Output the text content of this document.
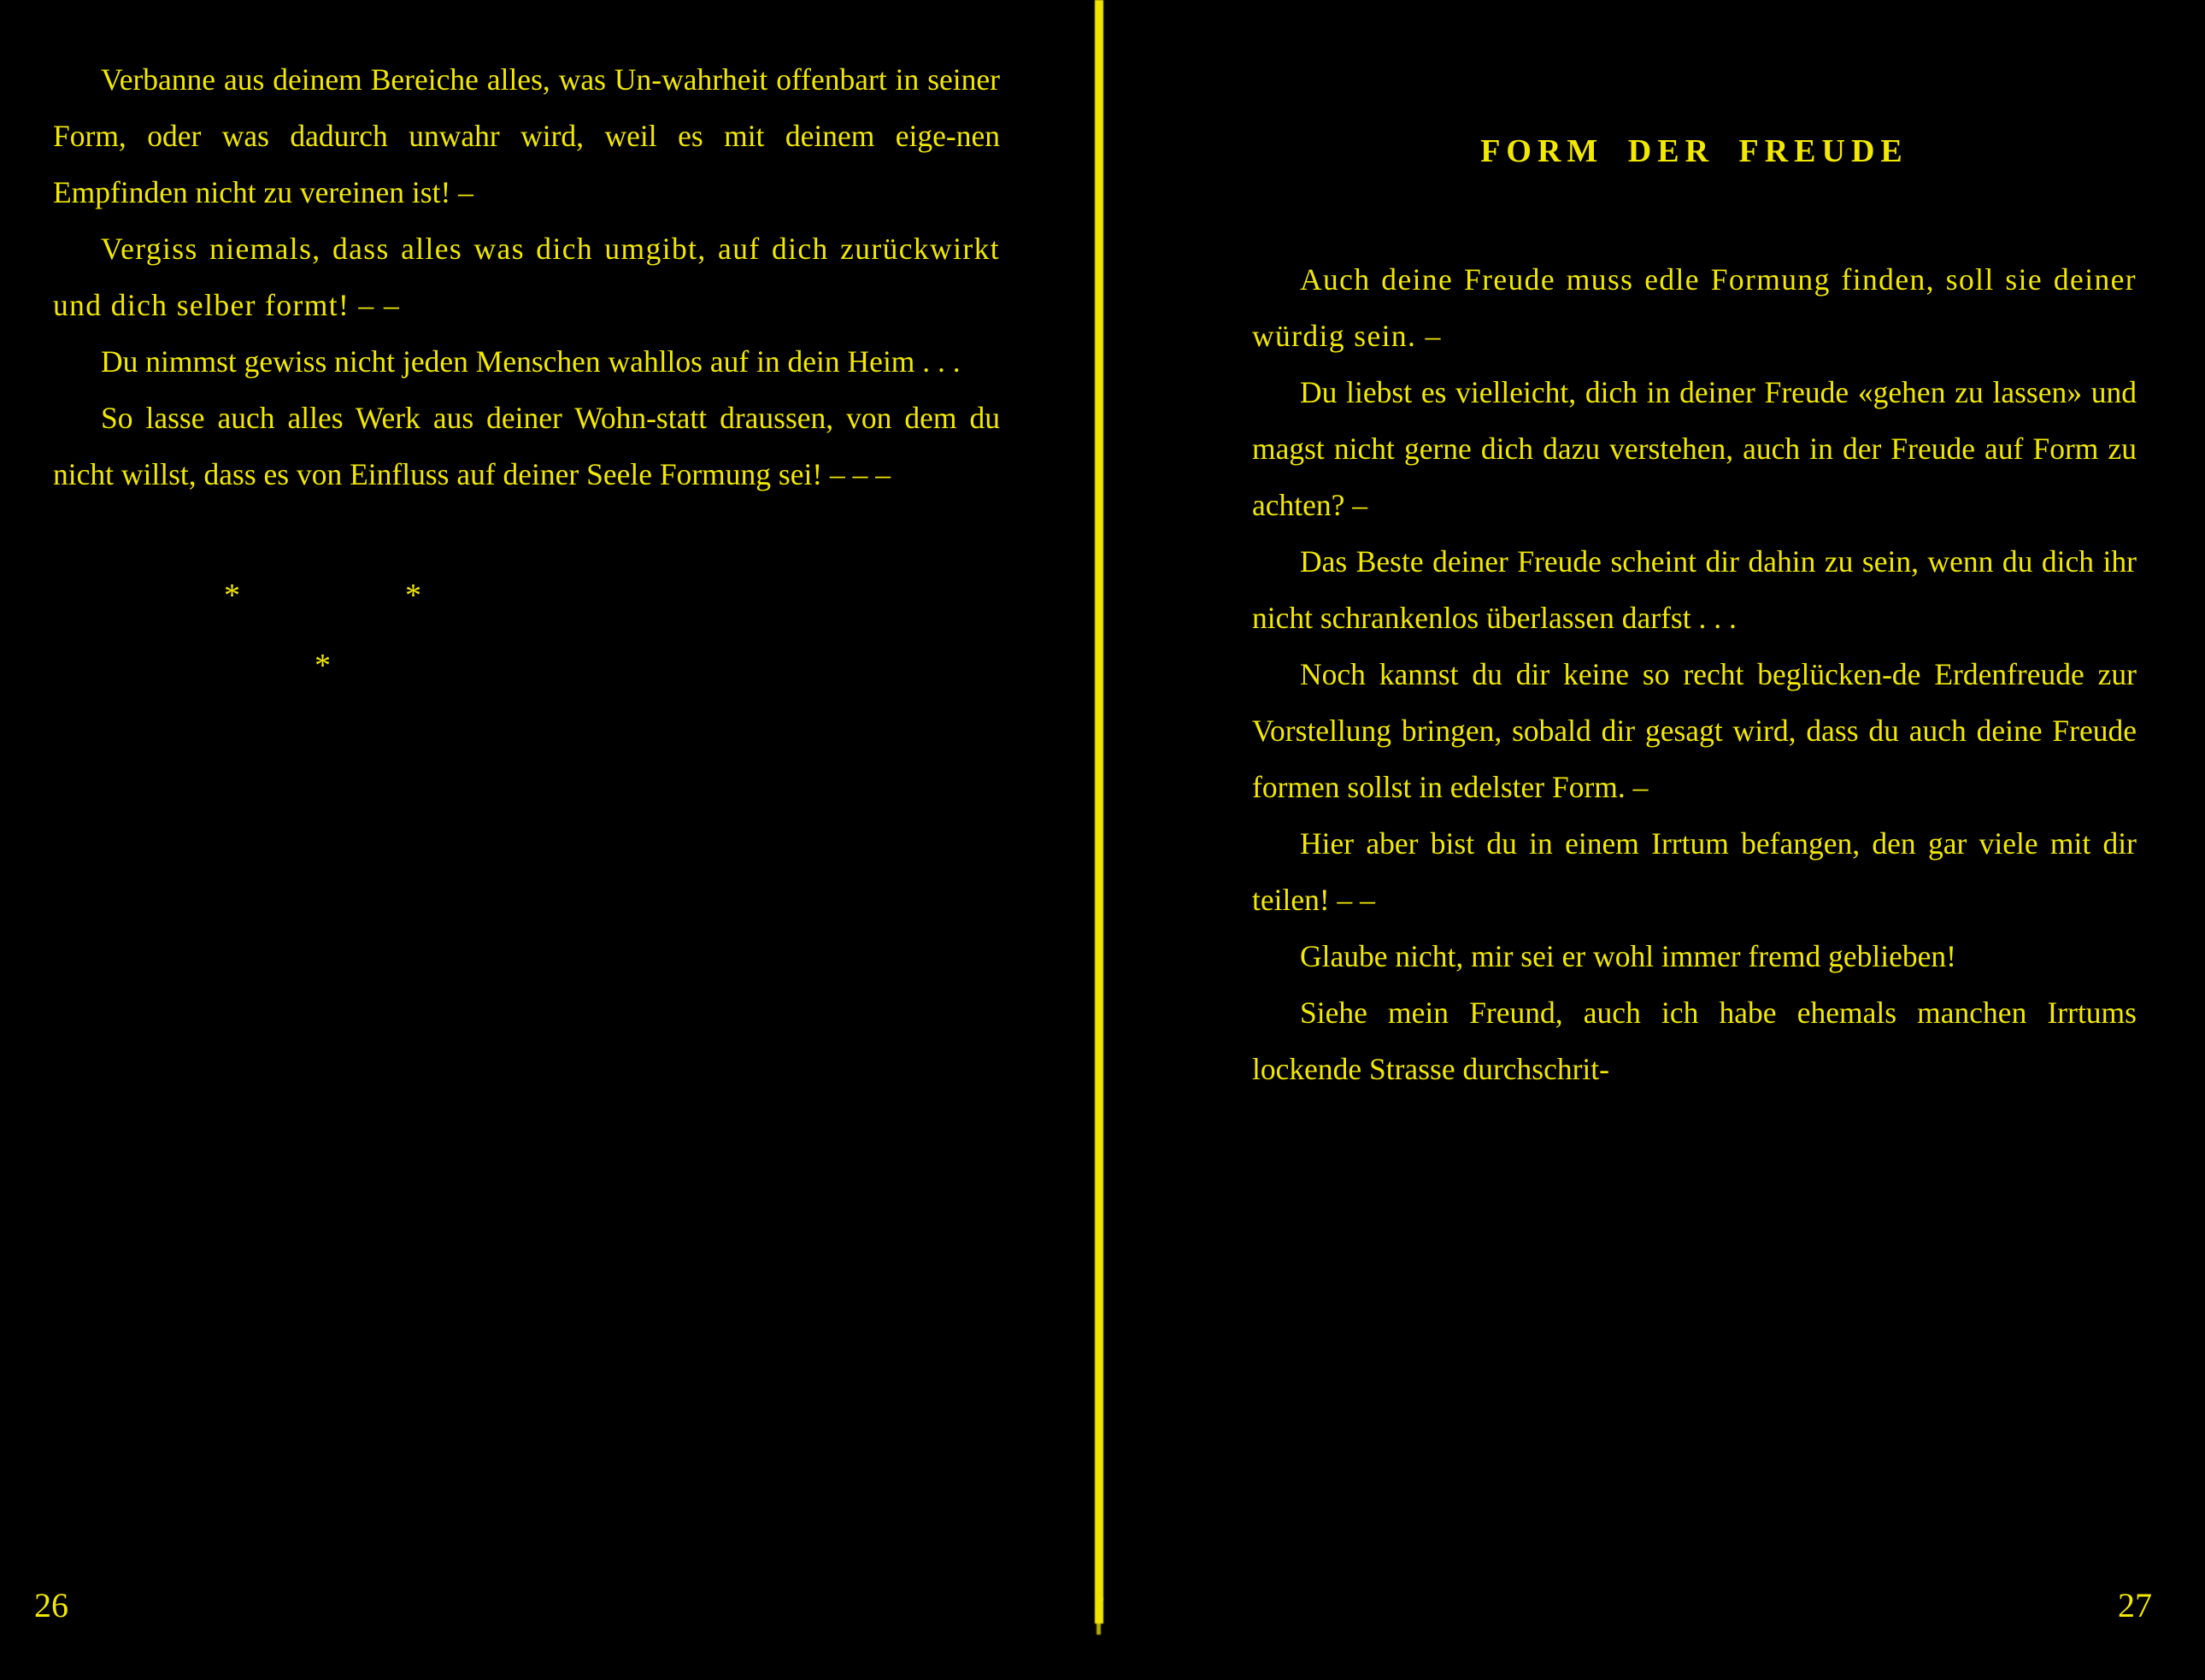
Verbanne aus deinem Bereiche alles, was Un-wahrheit offenbart in seiner Form, oder was dadurch unwahr wird, weil es mit deinem eige-nen Empfinden nicht zu vereinen ist! –

Vergiss niemals, dass alles was dich umgibt, auf dich zurückwirkt und dich selber formt! – –

Du nimmst gewiss nicht jeden Menschen wahllos auf in dein Heim . . .

So lasse auch alles Werk aus deiner Wohn-statt draussen, von dem du nicht willst, dass es von Einfluss auf deiner Seele Formung sei! – – –

*	*
*
26
FORM DER FREUDE

Auch deine Freude muss edle Formung finden, soll sie deiner würdig sein. –

Du liebst es vielleicht, dich in deiner Freude «gehen zu lassen» und magst nicht gerne dich dazu verstehen, auch in der Freude auf Form zu achten? –

Das Beste deiner Freude scheint dir dahin zu sein, wenn du dich ihr nicht schrankenlos überlassen darfst . . .

Noch kannst du dir keine so recht beglücken-de Erdenfreude zur Vorstellung bringen, sobald dir gesagt wird, dass du auch deine Freude formen sollst in edelster Form. –

Hier aber bist du in einem Irrtum befangen, den gar viele mit dir teilen! – –

Glaube nicht, mir sei er wohl immer fremd geblieben!

Siehe mein Freund, auch ich habe ehemals manchen Irrtums lockende Strasse durchschrit-

27
